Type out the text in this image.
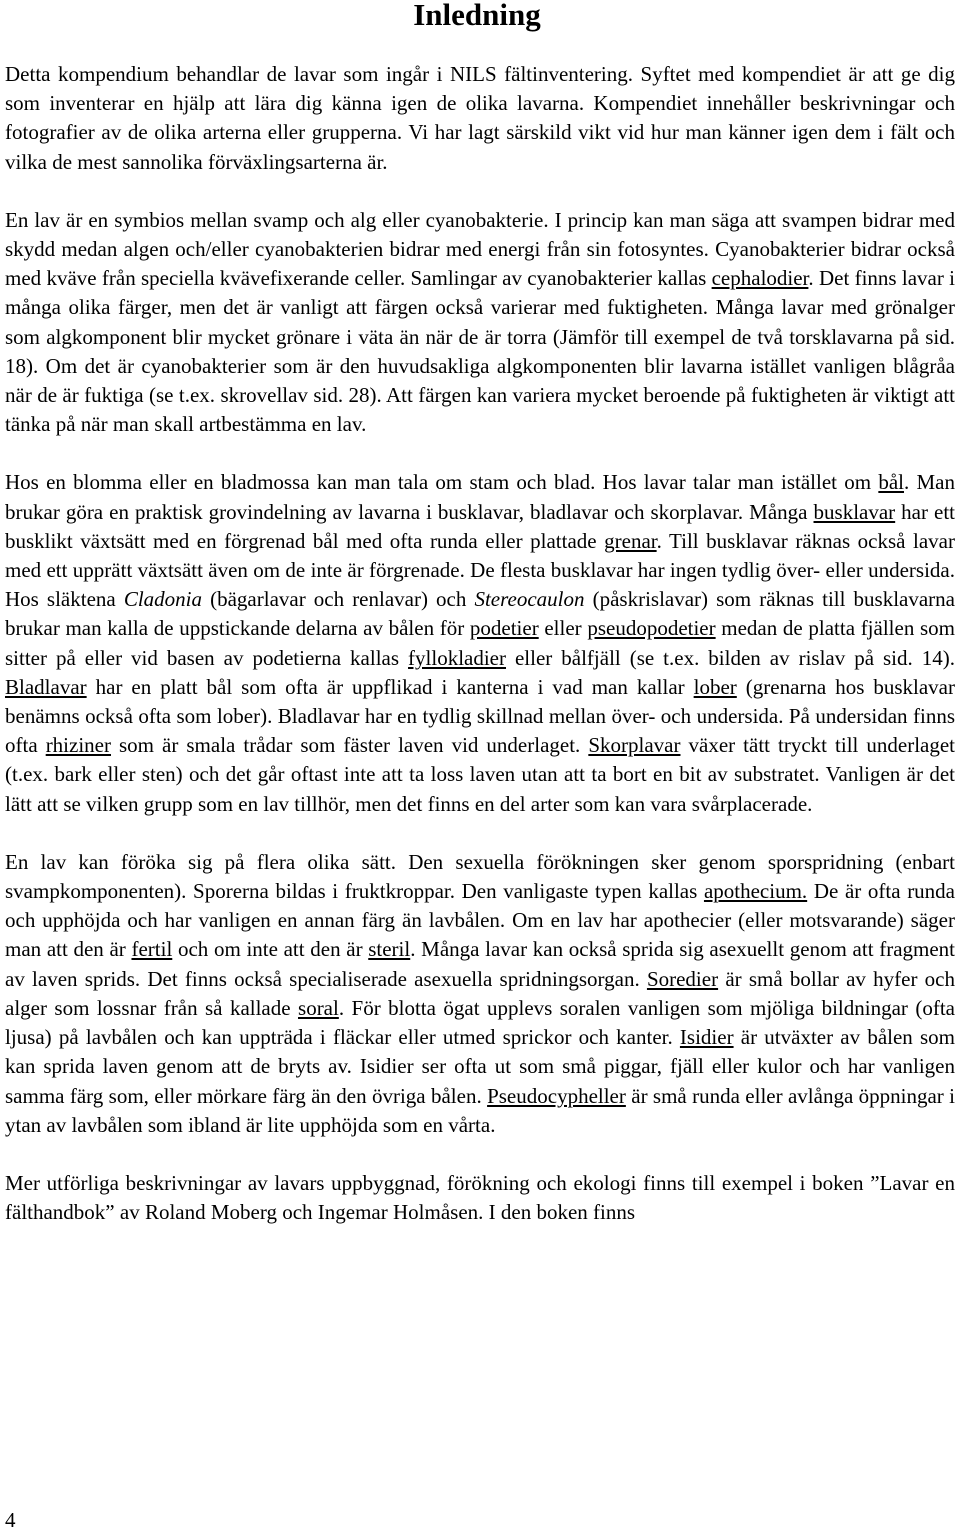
Inledning

Detta kompendium behandlar de lavar som ingår i NILS fältinventering. Syftet med kompendiet är att ge dig som inventerar en hjälp att lära dig känna igen de olika lavarna. Kompendiet innehåller beskrivningar och fotografier av de olika arterna eller grupperna. Vi har lagt särskild vikt vid hur man känner igen dem i fält och vilka de mest sannolika förväxlingsarterna är.

En lav är en symbios mellan svamp och alg eller cyanobakterie. I princip kan man säga att svampen bidrar med skydd medan algen och/eller cyanobakterien bidrar med energi från sin fotosyntes. Cyanobakterier bidrar också med kväve från speciella kvävefixerande celler. Samlingar av cyanobakterier kallas cephalodier. Det finns lavar i många olika färger, men det är vanligt att färgen också varierar med fuktigheten. Många lavar med grönalger som algkomponent blir mycket grönare i väta än när de är torra (Jämför till exempel de två torsklavarna på sid. 18). Om det är cyanobakterier som är den huvudsakliga algkomponenten blir lavarna istället vanligen blågråa när de är fuktiga (se t.ex. skrovellav sid. 28). Att färgen kan variera mycket beroende på fuktigheten är viktigt att tänka på när man skall artbestämma en lav.

Hos en blomma eller en bladmossa kan man tala om stam och blad. Hos lavar talar man istället om bål. Man brukar göra en praktisk grovindelning av lavarna i busklavar, bladlavar och skorplavar. Många busklavar har ett busklikt växtsätt med en förgrenad bål med ofta runda eller plattade grenar. Till busklavar räknas också lavar med ett upprätt växtsätt även om de inte är förgrenade. De flesta busklavar har ingen tydlig över- eller undersida. Hos släktena Cladonia (bägarlavar och renlavar) och Stereocaulon (påskrislavar) som räknas till busklavarna brukar man kalla de uppstickande delarna av bålen för podetier eller pseudopodetier medan de platta fjällen som sitter på eller vid basen av podetierna kallas fyllokladier eller bålfjäll (se t.ex. bilden av rislav på sid. 14). Bladlavar har en platt bål som ofta är uppflikad i kanterna i vad man kallar lober (grenarna hos busklavar benämns också ofta som lober). Bladlavar har en tydlig skillnad mellan över- och undersida. På undersidan finns ofta rhiziner som är smala trådar som fäster laven vid underlaget. Skorplavar växer tätt tryckt till underlaget (t.ex. bark eller sten) och det går oftast inte att ta loss laven utan att ta bort en bit av substratet. Vanligen är det lätt att se vilken grupp som en lav tillhör, men det finns en del arter som kan vara svårplacerade.

En lav kan föröka sig på flera olika sätt. Den sexuella förökningen sker genom sporspridning (enbart svampkomponenten). Sporerna bildas i fruktkroppar. Den vanligaste typen kallas apothecium. De är ofta runda och upphöjda och har vanligen en annan färg än lavbålen. Om en lav har apothecier (eller motsvarande) säger man att den är fertil och om inte att den är steril. Många lavar kan också sprida sig asexuellt genom att fragment av laven sprids. Det finns också specialiserade asexuella spridningsorgan. Soredier är små bollar av hyfer och alger som lossnar från så kallade soral. För blotta ögat upplevs soralen vanligen som mjöliga bildningar (ofta ljusa) på lavbålen och kan uppträda i fläckar eller utmed sprickor och kanter. Isidier är utväxter av bålen som kan sprida laven genom att de bryts av. Isidier ser ofta ut som små piggar, fjäll eller kulor och har vanligen samma färg som, eller mörkare färg än den övriga bålen. Pseudocypheller är små runda eller avlånga öppningar i ytan av lavbålen som ibland är lite upphöjda som en vårta.

Mer utförliga beskrivningar av lavars uppbyggnad, förökning och ekologi finns till exempel i boken ”Lavar en fälthandbok” av Roland Moberg och Ingemar Holmåsen. I den boken finns

4
